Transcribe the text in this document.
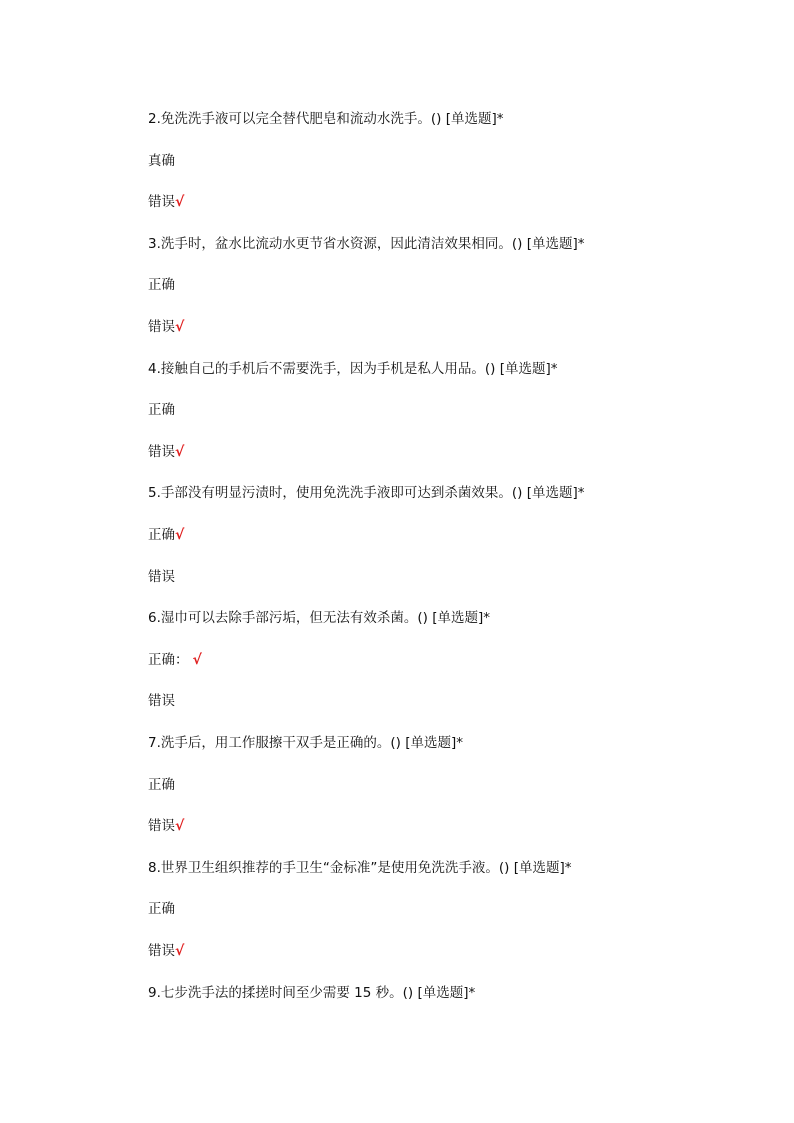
2.免洗洗手液可以完全替代肥皂和流动水洗手。() [单选题]*
真确
错误√
3.洗手时，盆水比流动水更节省水资源，因此清洁效果相同。() [单选题]*
正确
错误√
4.接触自己的手机后不需要洗手，因为手机是私人用品。() [单选题]*
正确
错误√
5.手部没有明显污渍时，使用免洗洗手液即可达到杀菌效果。() [单选题]*
正确√
错误
6.湿巾可以去除手部污垢，但无法有效杀菌。() [单选题]*
正确： √
错误
7.洗手后，用工作服擦干双手是正确的。() [单选题]*
正确
错误√
8.世界卫生组织推荐的手卫生“金标准”是使用免洗洗手液。() [单选题]*
正确
错误√
9.七步洗手法的揉搓时间至少需要 15 秒。() [单选题]*
